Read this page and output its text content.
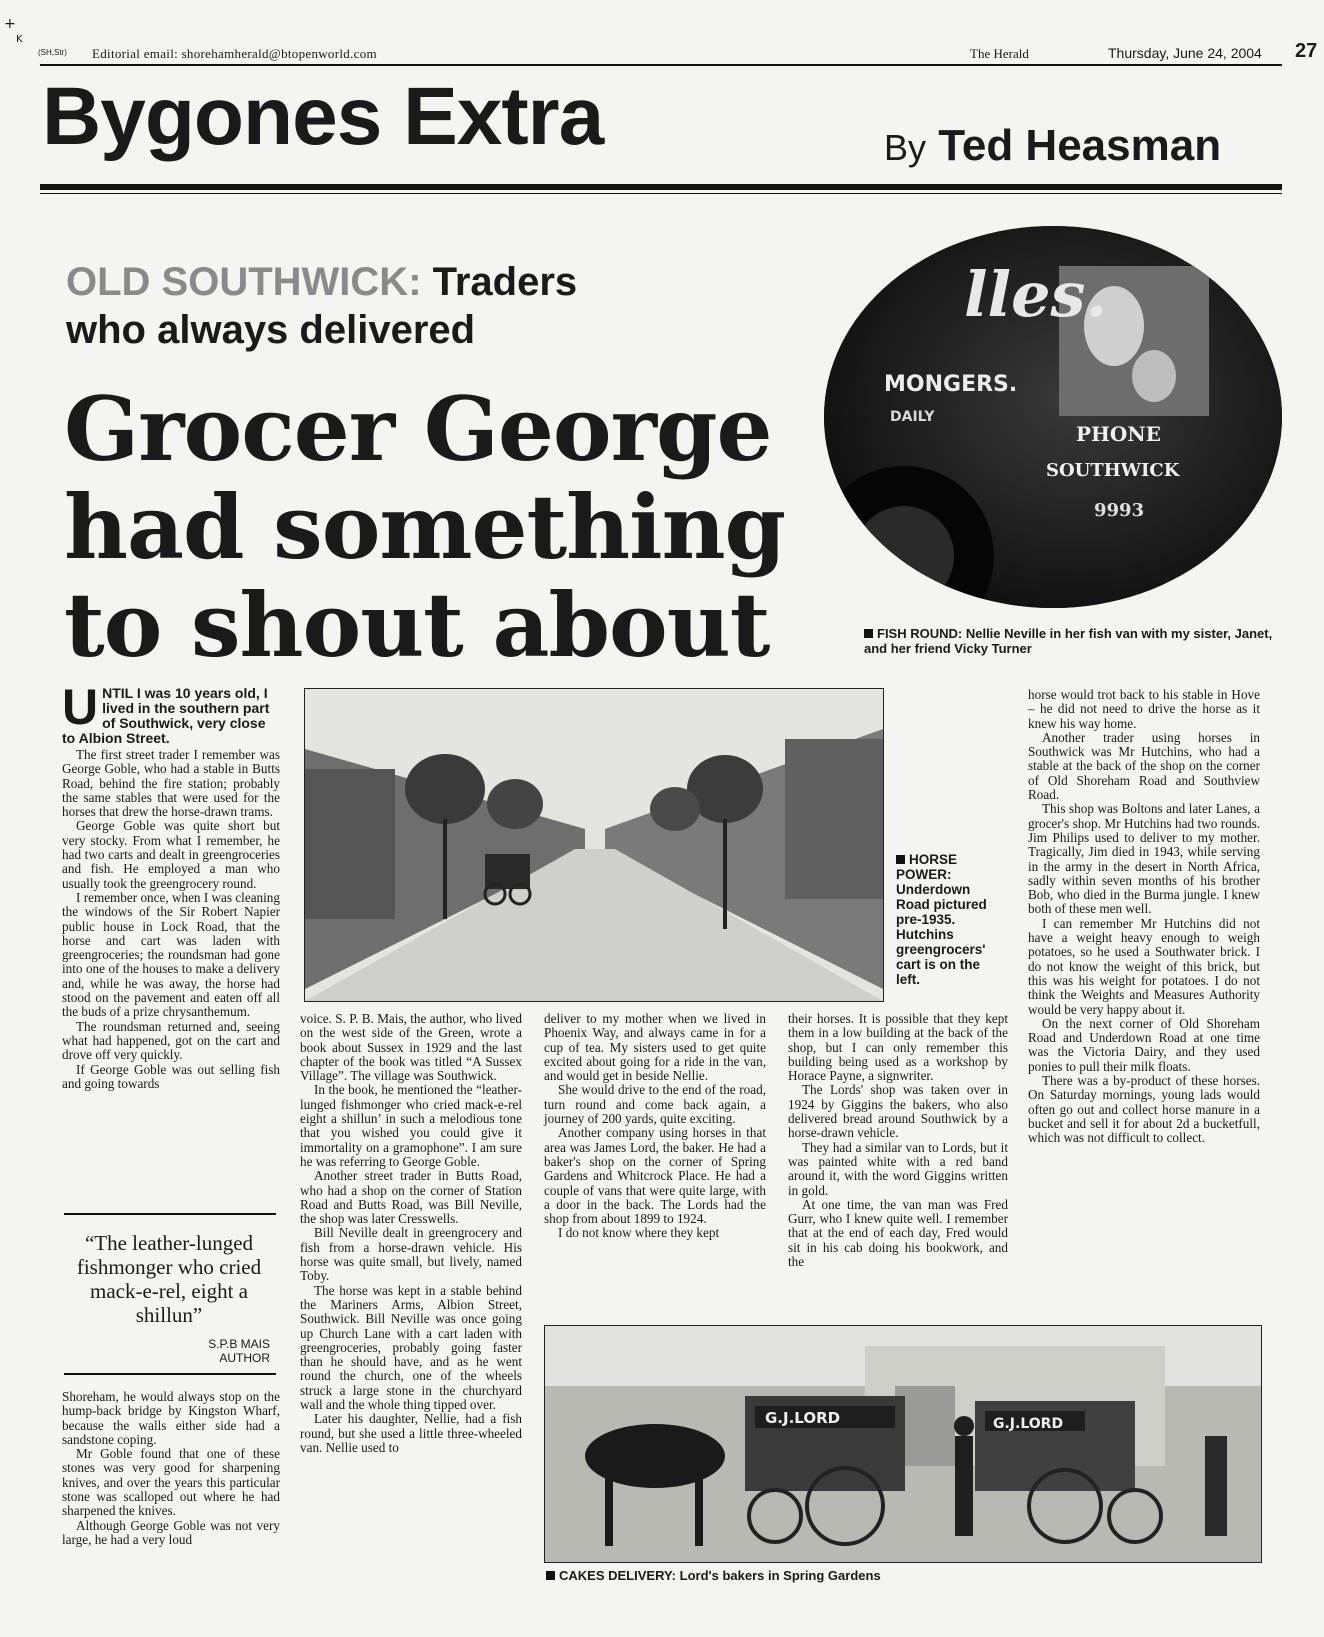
+
K
(SH,Str) Editorial email: shorehamherald@btopenworld.com	The Herald	Thursday, June 24, 2004 27
Bygones Extra	By Ted Heasman
OLD SOUTHWICK: Traders
who always delivered
Grocer George
had something
to shout about
lles.
MONGERS.
DAILY
PHONE
SOUTHWICK
9993
FISH ROUND: Nellie Neville in her fish van with my sister, Janet, and her friend Vicky Turner
HORSE POWER:
Underdown Road pictured pre-1935. Hutchins greengrocers' cart is on the left.
U NTIL I was 10 years old, I lived in the southern part of Southwick, very close to Albion Street.

The first street trader I remember was George Goble, who had a stable in Butts Road, behind the fire station; probably the same stables that were used for the horses that drew the horse-drawn trams.

George Goble was quite short but very stocky. From what I remember, he had two carts and dealt in greengroceries and fish. He employed a man who usually took the greengrocery round.

I remember once, when I was cleaning the windows of the Sir Robert Napier public house in Lock Road, that the horse and cart was laden with greengroceries; the roundsman had gone into one of the houses to make a delivery and, while he was away, the horse had stood on the pavement and eaten off all the buds of a prize chrysanthemum.

The roundsman returned and, seeing what had happened, got on the cart and drove off very quickly.

If George Goble was out selling fish and going towards

“The leather-lunged fishmonger who cried mack-e-rel, eight a shillun”
S.P.B MAIS
AUTHOR

Shoreham, he would always stop on the hump-back bridge by Kingston Wharf, because the walls either side had a sandstone coping.

Mr Goble found that one of these stones was very good for sharpening knives, and over the years this particular stone was scalloped out where he had sharpened the knives.

Although George Goble was not very large, he had a very loud

voice. S. P. B. Mais, the author, who lived on the west side of the Green, wrote a book about Sussex in 1929 and the last chapter of the book was titled “A Sussex Village”. The village was Southwick.

In the book, he mentioned the “leather-lunged fishmonger who cried mack-e-rel eight a shillun’ in such a melodious tone that you wished you could give it immortality on a gramophone”. I am sure he was referring to George Goble.

Another street trader in Butts Road, who had a shop on the corner of Station Road and Butts Road, was Bill Neville, the shop was later Cresswells.

Bill Neville dealt in greengrocery and fish from a horse-drawn vehicle. His horse was quite small, but lively, named Toby.

The horse was kept in a stable behind the Mariners Arms, Albion Street, Southwick. Bill Neville was once going up Church Lane with a cart laden with greengroceries, probably going faster than he should have, and as he went round the church, one of the wheels struck a large stone in the churchyard wall and the whole thing tipped over.

Later his daughter, Nellie, had a fish round, but she used a little three-wheeled van. Nellie used to

deliver to my mother when we lived in Phoenix Way, and always came in for a cup of tea. My sisters used to get quite excited about going for a ride in the van, and would get in beside Nellie.

She would drive to the end of the road, turn round and come back again, a journey of 200 yards, quite exciting.

Another company using horses in that area was James Lord, the baker. He had a baker's shop on the corner of Spring Gardens and Whitcrock Place. He had a couple of vans that were quite large, with a door in the back. The Lords had the shop from about 1899 to 1924.

I do not know where they kept

their horses. It is possible that they kept them in a low building at the back of the shop, but I can only remember this building being used as a workshop by Horace Payne, a signwriter.

The Lords' shop was taken over in 1924 by Giggins the bakers, who also delivered bread around Southwick by a horse-drawn vehicle.

They had a similar van to Lords, but it was painted white with a red band around it, with the word Giggins written in gold.

At one time, the van man was Fred Gurr, who I knew quite well. I remember that at the end of each day, Fred would sit in his cab doing his bookwork, and the

horse would trot back to his stable in Hove – he did not need to drive the horse as it knew his way home.

Another trader using horses in Southwick was Mr Hutchins, who had a stable at the back of the shop on the corner of Old Shoreham Road and Southview Road.

This shop was Boltons and later Lanes, a grocer's shop. Mr Hutchins had two rounds. Jim Philips used to deliver to my mother. Tragically, Jim died in 1943, while serving in the army in the desert in North Africa, sadly within seven months of his brother Bob, who died in the Burma jungle. I knew both of these men well.

I can remember Mr Hutchins did not have a weight heavy enough to weigh potatoes, so he used a Southwater brick. I do not know the weight of this brick, but this was his weight for potatoes. I do not think the Weights and Measures Authority would be very happy about it.

On the next corner of Old Shoreham Road and Underdown Road at one time was the Victoria Dairy, and they used ponies to pull their milk floats.

There was a by-product of these horses. On Saturday mornings, young lads would often go out and collect horse manure in a bucket and sell it for about 2d a bucketfull, which was not difficult to collect.

G.J.LORD	G.J.LORD
CAKES DELIVERY: Lord's bakers in Spring Gardens
